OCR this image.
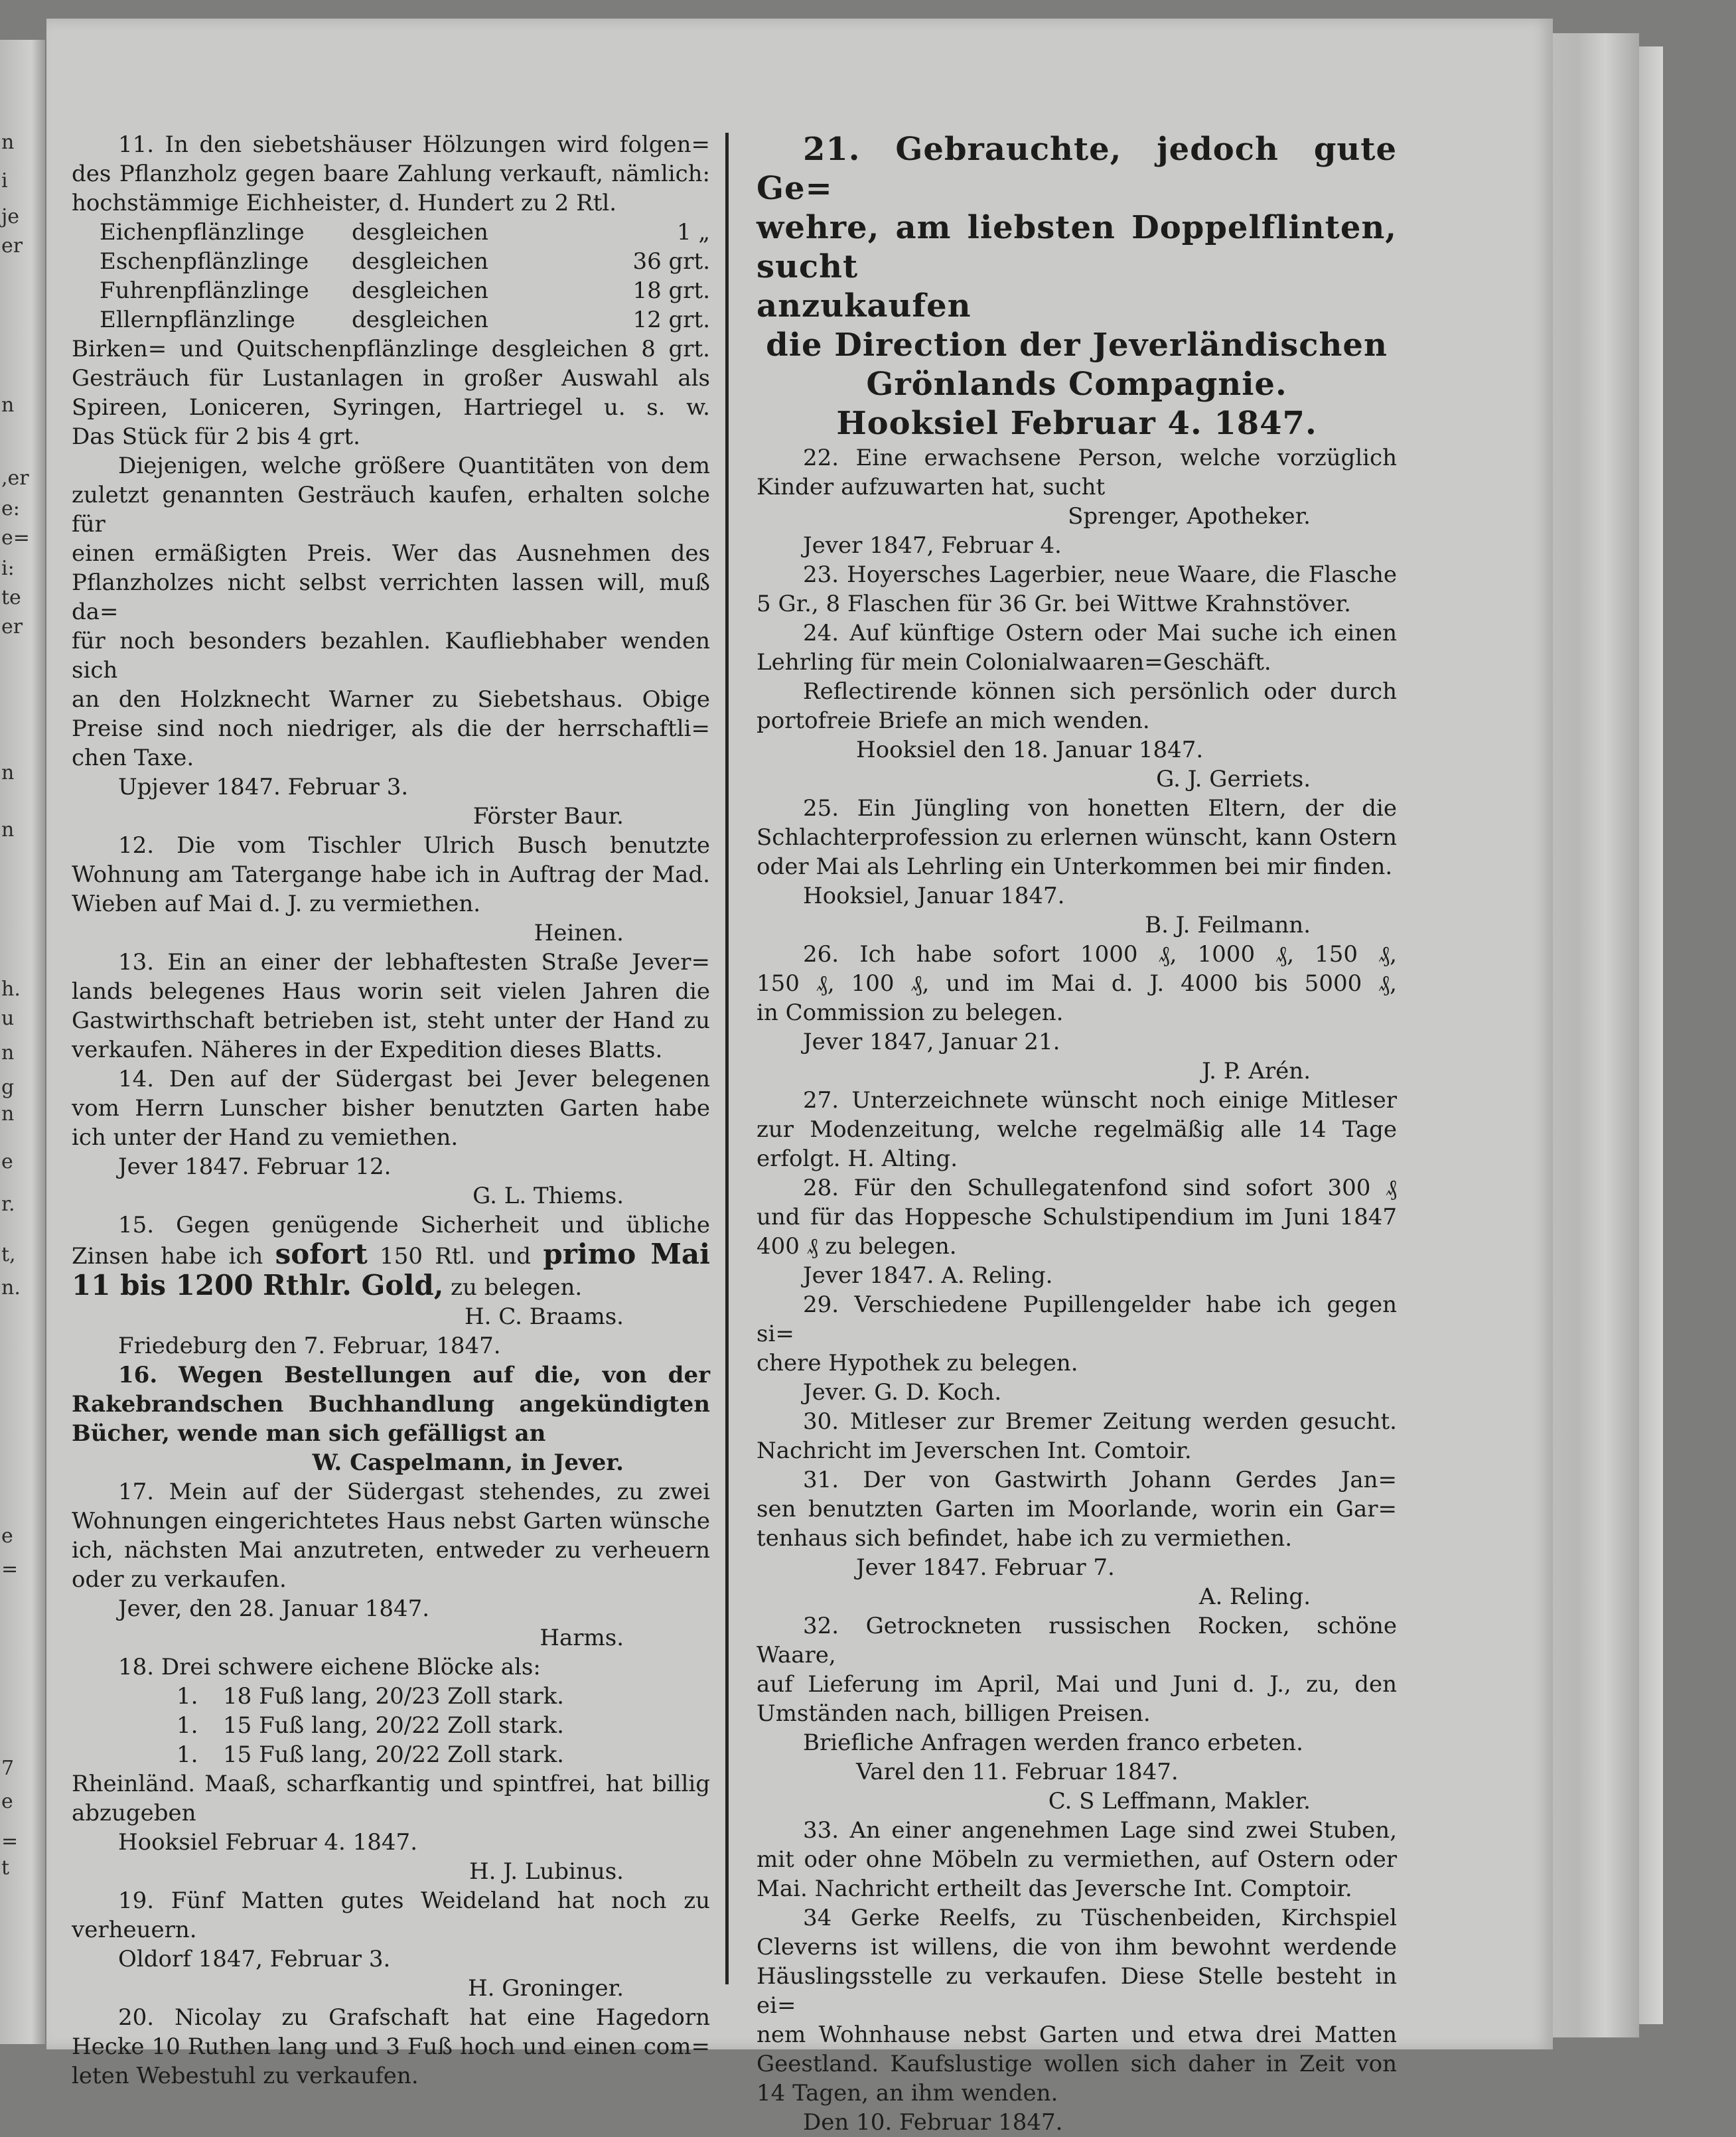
n
i
je
er
n
,er
e:
e=
i:
te
er
n
n
h.
u
n
g
n
e
r.
t,
n.
e
=
7
e
=
t

11. In den siebetshäuser Hölzungen wird folgen=

des Pflanzholz gegen baare Zahlung verkauft, nämlich:

hochstämmige Eichheister, d. Hundert zu 2 Rtl.

Eichenpflänzlinge	desgleichen	1 „

Eschenpflänzlinge	desgleichen	36 grt.

Fuhrenpflänzlinge	desgleichen	18 grt.

Ellernpflänzlinge	desgleichen	12 grt.

Birken= und Quitschenpflänzlinge desgleichen 8 grt.

Gesträuch für Lustanlagen in großer Auswahl als

Spireen, Loniceren, Syringen, Hartriegel u. s. w.

Das Stück für 2 bis 4 grt.

Diejenigen, welche größere Quantitäten von dem

zuletzt genannten Gesträuch kaufen, erhalten solche für

einen ermäßigten Preis. Wer das Ausnehmen des

Pflanzholzes nicht selbst verrichten lassen will, muß da=

für noch besonders bezahlen. Kaufliebhaber wenden sich

an den Holzknecht Warner zu Siebetshaus. Obige

Preise sind noch niedriger, als die der herrschaftli=

chen Taxe.

Upjever 1847. Februar 3.

Förster Baur.

12. Die vom Tischler Ulrich Busch benutzte

Wohnung am Tatergange habe ich in Auftrag der Mad.

Wieben auf Mai d. J. zu vermiethen.

Heinen.

13. Ein an einer der lebhaftesten Straße Jever=

lands belegenes Haus worin seit vielen Jahren die

Gastwirthschaft betrieben ist, steht unter der Hand zu

verkaufen. Näheres in der Expedition dieses Blatts.

14. Den auf der Südergast bei Jever belegenen

vom Herrn Lunscher bisher benutzten Garten habe

ich unter der Hand zu vemiethen.

Jever 1847. Februar 12.

G. L. Thiems.

15. Gegen genügende Sicherheit und übliche

Zinsen habe ich sofort 150 Rtl. und primo Mai

11 bis 1200 Rthlr. Gold, zu belegen.

H. C. Braams.

Friedeburg den 7. Februar, 1847.

16. Wegen Bestellungen auf die, von der

Rakebrandschen Buchhandlung angekündigten

Bücher, wende man sich gefälligst an

W. Caspelmann, in Jever.

17. Mein auf der Südergast stehendes, zu zwei

Wohnungen eingerichtetes Haus nebst Garten wünsche

ich, nächsten Mai anzutreten, entweder zu verheuern

oder zu verkaufen.

Jever, den 28. Januar 1847.

Harms.

18. Drei schwere eichene Blöcke als:

1.	18 Fuß lang, 20/23 Zoll stark.

1.	15 Fuß lang, 20/22 Zoll stark.

1.	15 Fuß lang, 20/22 Zoll stark.

Rheinländ. Maaß, scharfkantig und spintfrei, hat billig

abzugeben

Hooksiel Februar 4. 1847.

H. J. Lubinus.

19. Fünf Matten gutes Weideland hat noch zu

verheuern.

Oldorf 1847, Februar 3.

H. Groninger.

20. Nicolay zu Grafschaft hat eine Hagedorn

Hecke 10 Ruthen lang und 3 Fuß hoch und einen com=

leten Webestuhl zu verkaufen.

21. Gebrauchte, jedoch gute Ge=

wehre, am liebsten Doppelflinten, sucht

anzukaufen

die Direction der Jeverländischen

Grönlands Compagnie.

Hooksiel Februar 4. 1847.

22. Eine erwachsene Person, welche vorzüglich

Kinder aufzuwarten hat, sucht

Sprenger, Apotheker.

Jever 1847, Februar 4.

23. Hoyersches Lagerbier, neue Waare, die Flasche

5 Gr., 8 Flaschen für 36 Gr. bei Wittwe Krahnstöver.

24. Auf künftige Ostern oder Mai suche ich einen

Lehrling für mein Colonialwaaren=Geschäft.

Reflectirende können sich persönlich oder durch

portofreie Briefe an mich wenden.

Hooksiel den 18. Januar 1847.

G. J. Gerriets.

25. Ein Jüngling von honetten Eltern, der die

Schlachterprofession zu erlernen wünscht, kann Ostern

oder Mai als Lehrling ein Unterkommen bei mir finden.

Hooksiel, Januar 1847.

B. J. Feilmann.

26. Ich habe sofort 1000 ₰, 1000 ₰, 150 ₰,

150 ₰, 100 ₰, und im Mai d. J. 4000 bis 5000 ₰,

in Commission zu belegen.

Jever 1847, Januar 21.

J. P. Arén.

27. Unterzeichnete wünscht noch einige Mitleser

zur Modenzeitung, welche regelmäßig alle 14 Tage

erfolgt. H. Alting.

28. Für den Schullegatenfond sind sofort 300 ₰

und für das Hoppesche Schulstipendium im Juni 1847

400 ₰ zu belegen.

Jever 1847. A. Reling.

29. Verschiedene Pupillengelder habe ich gegen si=

chere Hypothek zu belegen.

Jever. G. D. Koch.

30. Mitleser zur Bremer Zeitung werden gesucht.

Nachricht im Jeverschen Int. Comtoir.

31. Der von Gastwirth Johann Gerdes Jan=

sen benutzten Garten im Moorlande, worin ein Gar=

tenhaus sich befindet, habe ich zu vermiethen.

Jever 1847. Februar 7.

A. Reling.

32. Getrockneten russischen Rocken, schöne Waare,

auf Lieferung im April, Mai und Juni d. J., zu, den

Umständen nach, billigen Preisen.

Briefliche Anfragen werden franco erbeten.

Varel den 11. Februar 1847.

C. S Leffmann, Makler.

33. An einer angenehmen Lage sind zwei Stuben,

mit oder ohne Möbeln zu vermiethen, auf Ostern oder

Mai. Nachricht ertheilt das Jeversche Int. Comptoir.

34 Gerke Reelfs, zu Tüschenbeiden, Kirchspiel

Cleverns ist willens, die von ihm bewohnt werdende

Häuslingsstelle zu verkaufen. Diese Stelle besteht in ei=

nem Wohnhause nebst Garten und etwa drei Matten

Geestland. Kaufslustige wollen sich daher in Zeit von

14 Tagen, an ihm wenden.

Den 10. Februar 1847.
